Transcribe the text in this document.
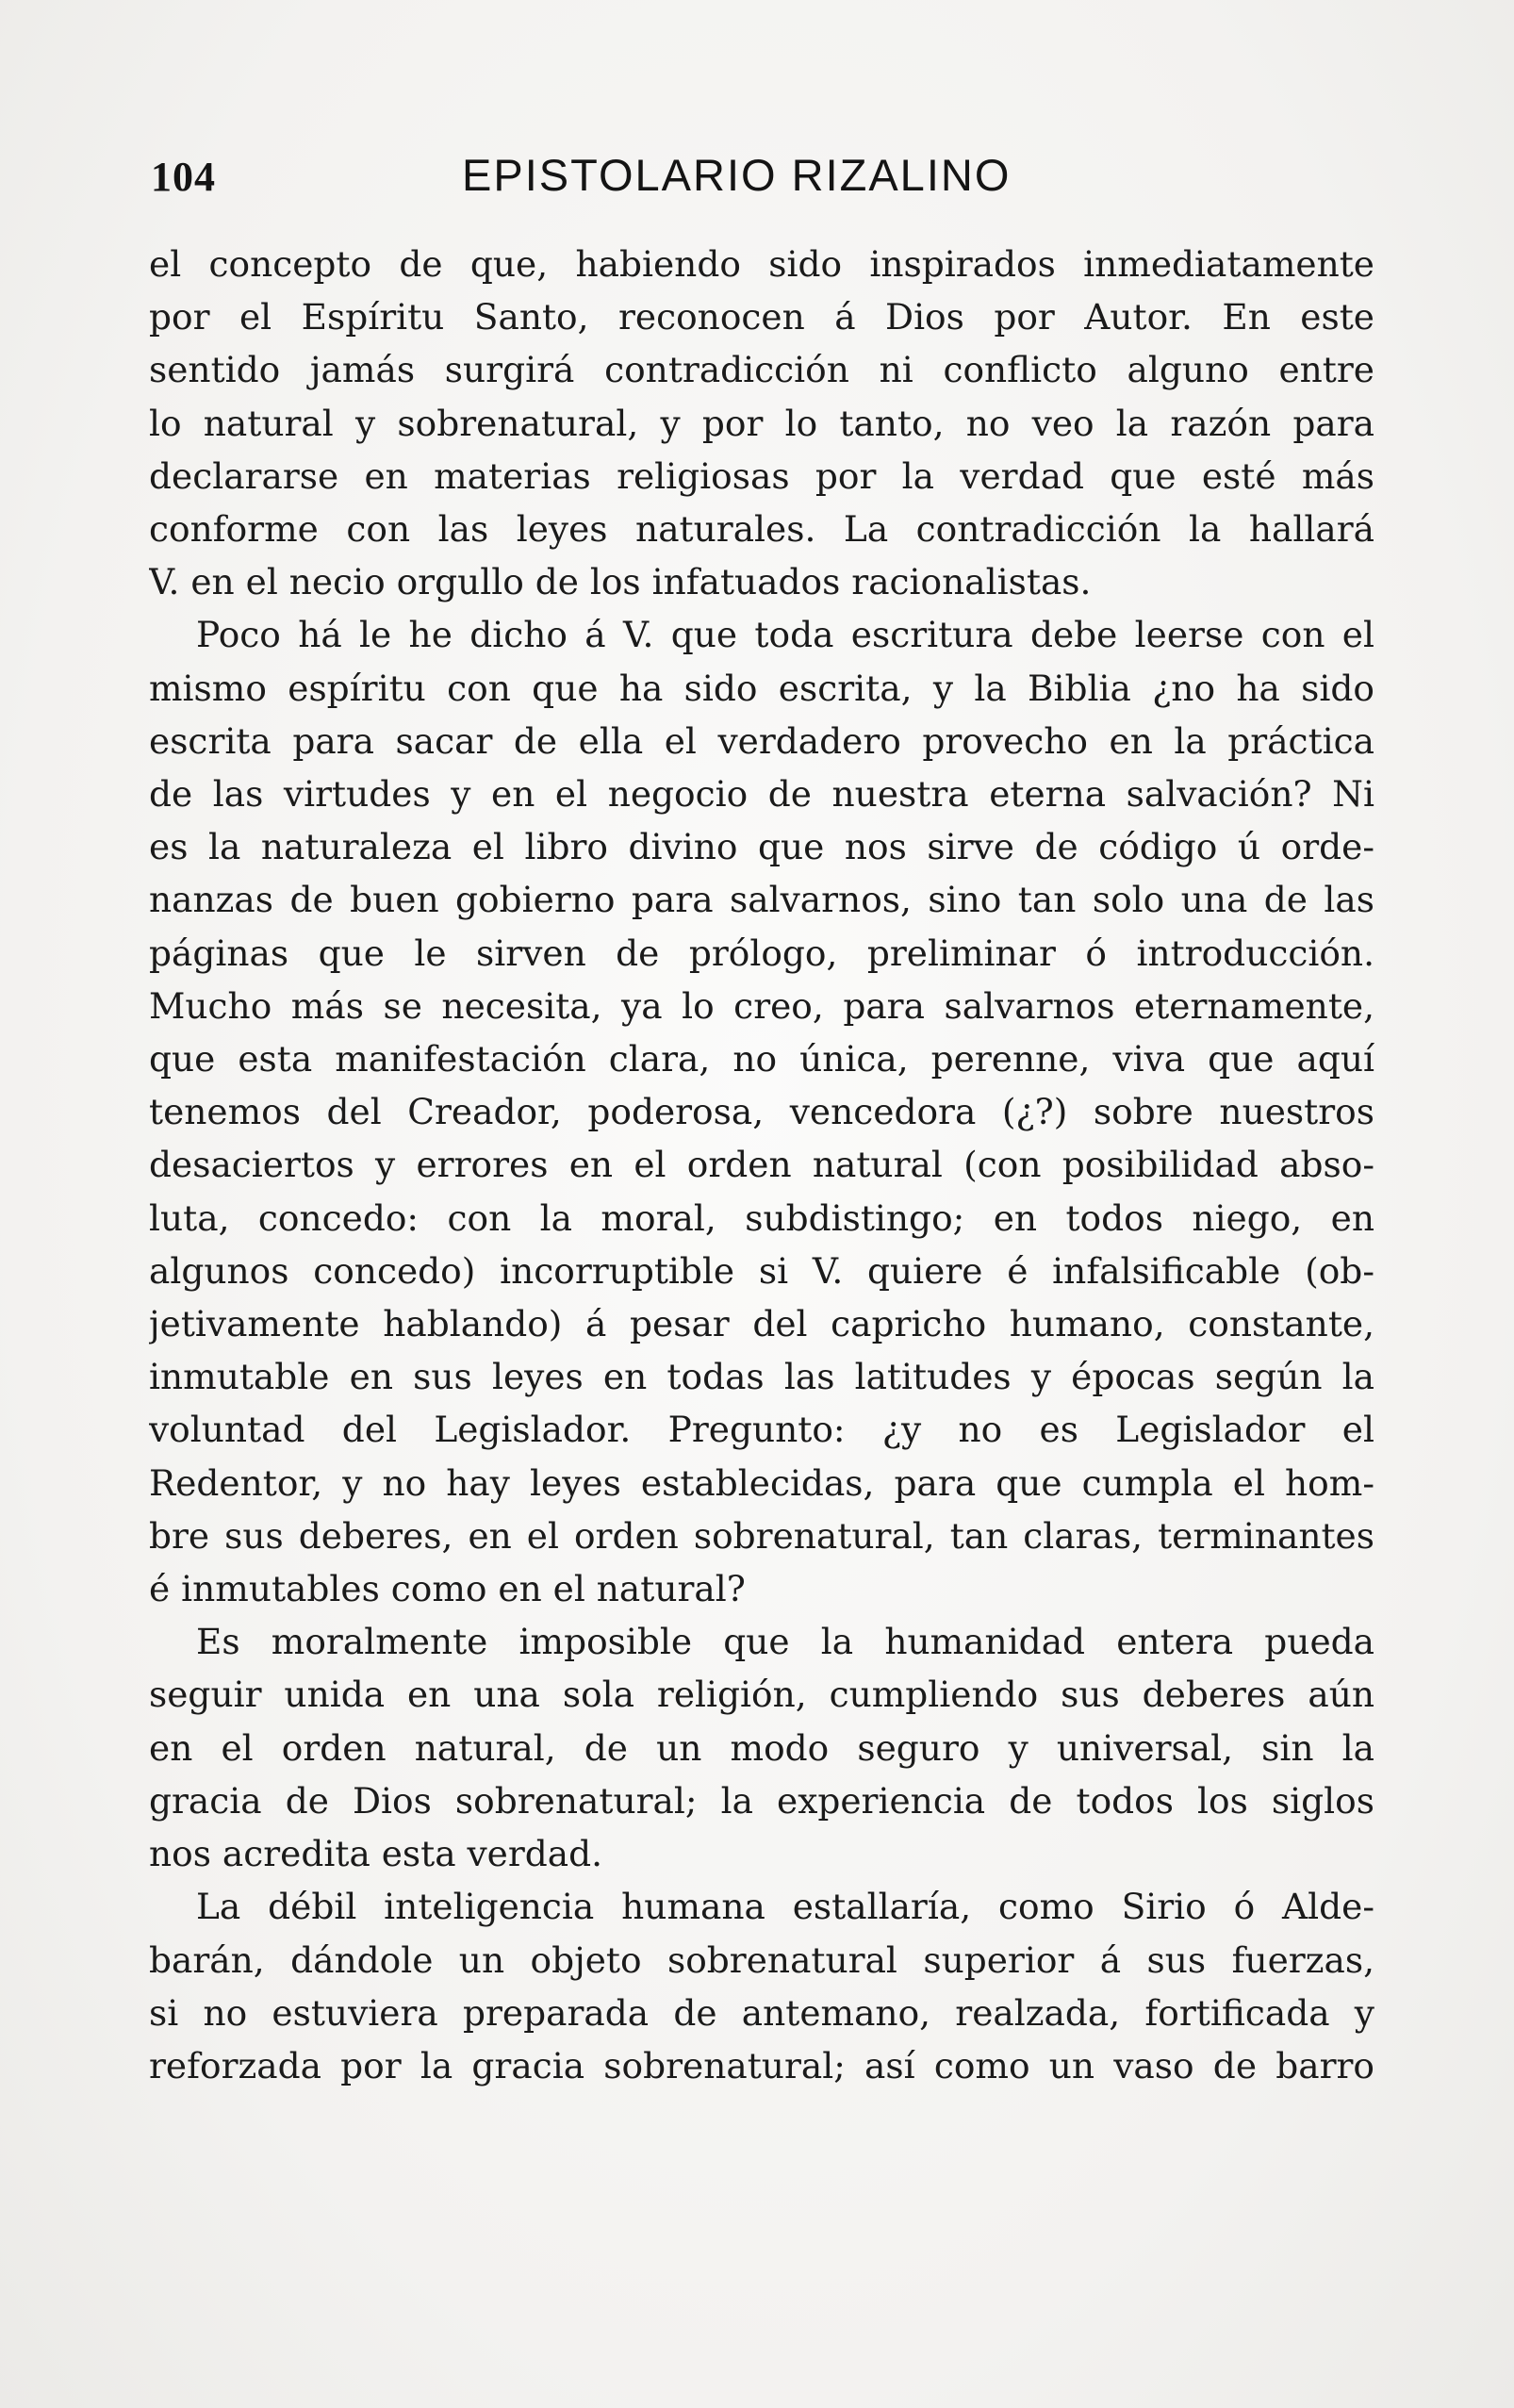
104	EPISTOLARIO RIZALINO
el concepto de que, habiendo sido inspirados inmediatamente
por el Espíritu Santo, reconocen á Dios por Autor. En este
sentido jamás surgirá contradicción ni conflicto alguno entre
lo natural y sobrenatural, y por lo tanto, no veo la razón para
declararse en materias religiosas por la verdad que esté más
conforme con las leyes naturales. La contradicción la hallará
V. en el necio orgullo de los infatuados racionalistas.
Poco há le he dicho á V. que toda escritura debe leerse con el
mismo espíritu con que ha sido escrita, y la Biblia ¿no ha sido
escrita para sacar de ella el verdadero provecho en la práctica
de las virtudes y en el negocio de nuestra eterna salvación? Ni
es la naturaleza el libro divino que nos sirve de código ú orde-
nanzas de buen gobierno para salvarnos, sino tan solo una de las
páginas que le sirven de prólogo, preliminar ó introducción.
Mucho más se necesita, ya lo creo, para salvarnos eternamente,
que esta manifestación clara, no única, perenne, viva que aquí
tenemos del Creador, poderosa, vencedora (¿?) sobre nuestros
desaciertos y errores en el orden natural (con posibilidad abso-
luta, concedo: con la moral, subdistingo; en todos niego, en
algunos concedo) incorruptible si V. quiere é infalsificable (ob-
jetivamente hablando) á pesar del capricho humano, constante,
inmutable en sus leyes en todas las latitudes y épocas según la
voluntad del Legislador. Pregunto: ¿y no es Legislador el
Redentor, y no hay leyes establecidas, para que cumpla el hom-
bre sus deberes, en el orden sobrenatural, tan claras, terminantes
é inmutables como en el natural?
Es moralmente imposible que la humanidad entera pueda
seguir unida en una sola religión, cumpliendo sus deberes aún
en el orden natural, de un modo seguro y universal, sin la
gracia de Dios sobrenatural; la experiencia de todos los siglos
nos acredita esta verdad.
La débil inteligencia humana estallaría, como Sirio ó Alde-
barán, dándole un objeto sobrenatural superior á sus fuerzas,
si no estuviera preparada de antemano, realzada, fortificada y
reforzada por la gracia sobrenatural; así como un vaso de barro
